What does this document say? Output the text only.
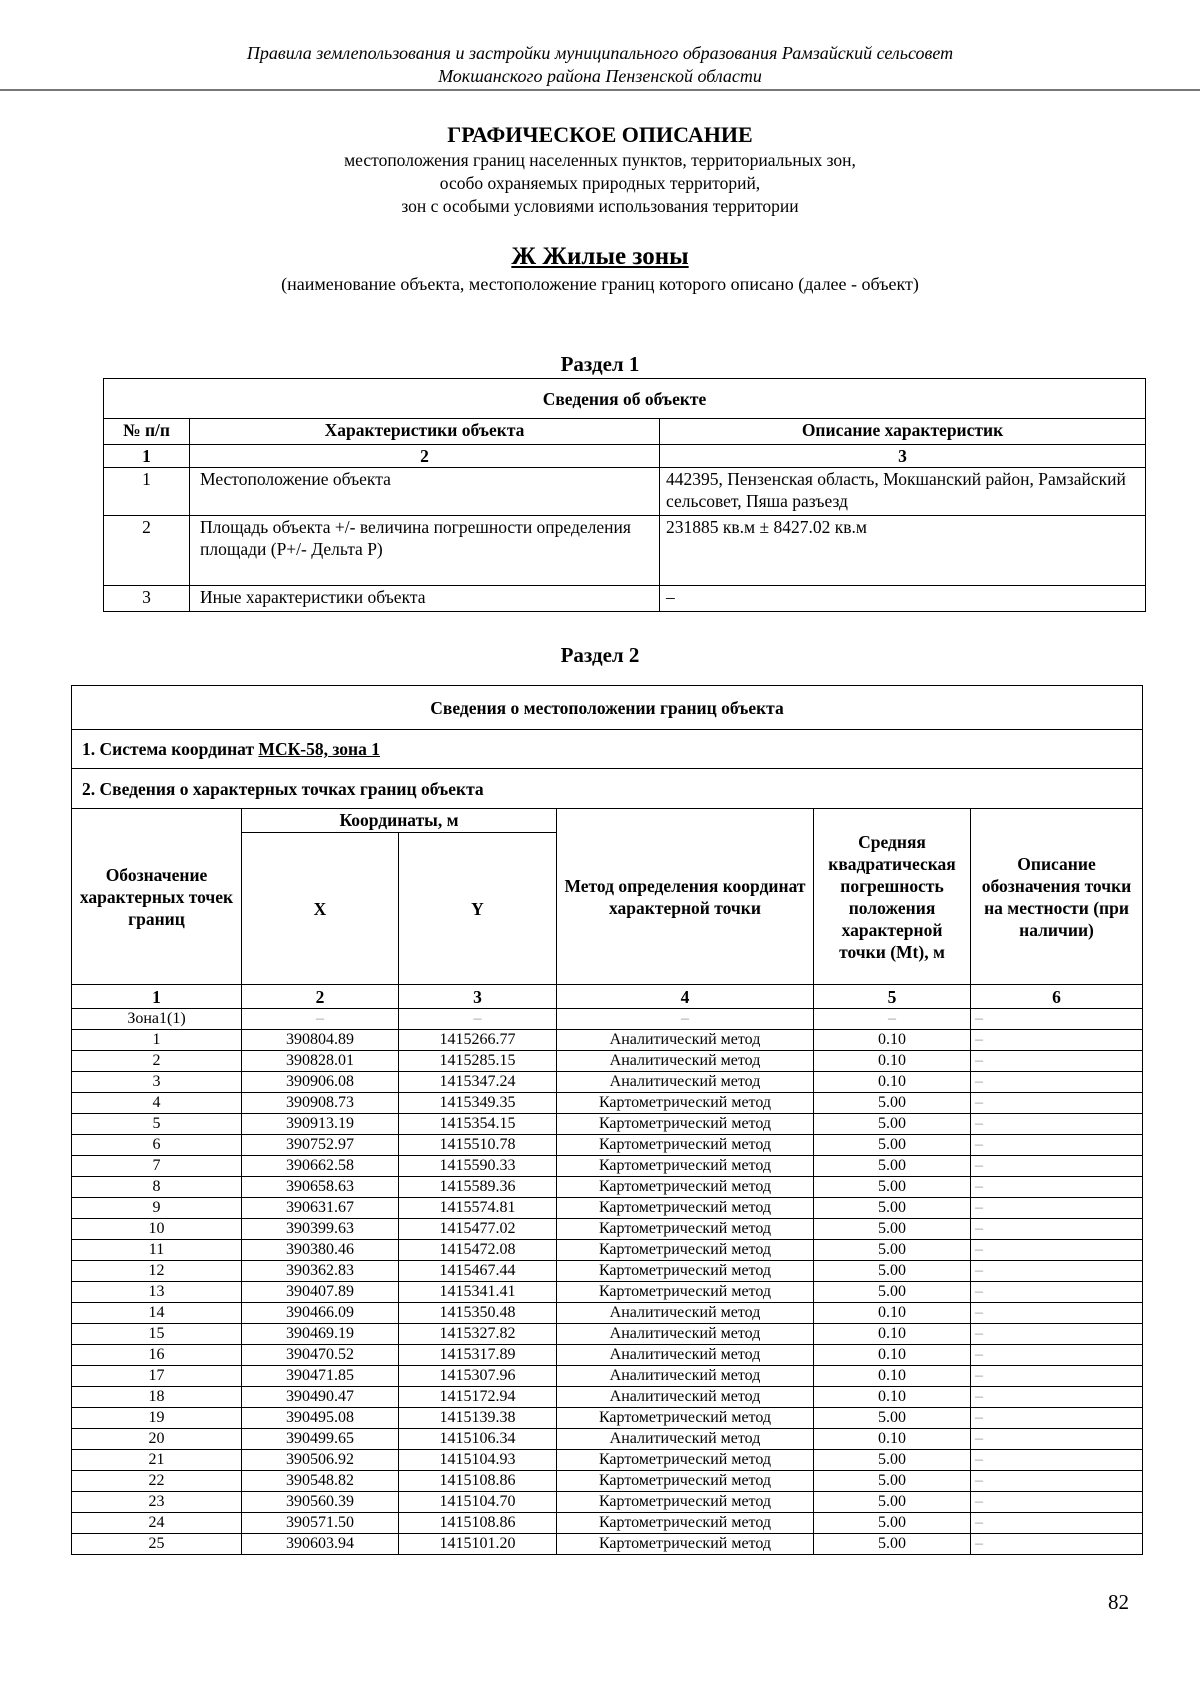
Правила землепользования и застройки муниципального образования Рамзайский сельсовет
Мокшанского района Пензенской области
ГРАФИЧЕСКОЕ ОПИСАНИЕ
местоположения границ населенных пунктов, территориальных зон,
особо охраняемых природных территорий,
зон с особыми условиями использования территории
Ж Жилые зоны
(наименование объекта, местоположение границ которого описано (далее - объект)
Раздел 1
Сведения об объекте		
№ п/п	Характеристики объекта	Описание характеристик
1	2	3
1	Местоположение объекта	442395, Пензенская область, Мокшанский район, Рамзайский сельсовет, Пяша разъезд
2	Площадь объекта +/- величина погрешности определения площади (Р+/- Дельта Р)	231885 кв.м ± 8427.02 кв.м
3	Иные характеристики объекта	–
Раздел 2
Сведения о местоположении границ объекта					
1. Система координат МСК-58, зона 1					
2. Сведения о характерных точках границ объекта					
Обозначение характерных точек границ	Координаты, м		Метод определения координат характерной точки	Средняя квадратическая погрешность положения характерной точки (Mt), м	Описание обозначения точки на местности (при наличии)
	X	Y			
1	2	3	4	5	6
Зона1(1)	–	–	–	–	–
1	390804.89	1415266.77	Аналитический метод	0.10	–
2	390828.01	1415285.15	Аналитический метод	0.10	–
3	390906.08	1415347.24	Аналитический метод	0.10	–
4	390908.73	1415349.35	Картометрический метод	5.00	–
5	390913.19	1415354.15	Картометрический метод	5.00	–
6	390752.97	1415510.78	Картометрический метод	5.00	–
7	390662.58	1415590.33	Картометрический метод	5.00	–
8	390658.63	1415589.36	Картометрический метод	5.00	–
9	390631.67	1415574.81	Картометрический метод	5.00	–
10	390399.63	1415477.02	Картометрический метод	5.00	–
11	390380.46	1415472.08	Картометрический метод	5.00	–
12	390362.83	1415467.44	Картометрический метод	5.00	–
13	390407.89	1415341.41	Картометрический метод	5.00	–
14	390466.09	1415350.48	Аналитический метод	0.10	–
15	390469.19	1415327.82	Аналитический метод	0.10	–
16	390470.52	1415317.89	Аналитический метод	0.10	–
17	390471.85	1415307.96	Аналитический метод	0.10	–
18	390490.47	1415172.94	Аналитический метод	0.10	–
19	390495.08	1415139.38	Картометрический метод	5.00	–
20	390499.65	1415106.34	Аналитический метод	0.10	–
21	390506.92	1415104.93	Картометрический метод	5.00	–
22	390548.82	1415108.86	Картометрический метод	5.00	–
23	390560.39	1415104.70	Картометрический метод	5.00	–
24	390571.50	1415108.86	Картометрический метод	5.00	–
25	390603.94	1415101.20	Картометрический метод	5.00	–
82
